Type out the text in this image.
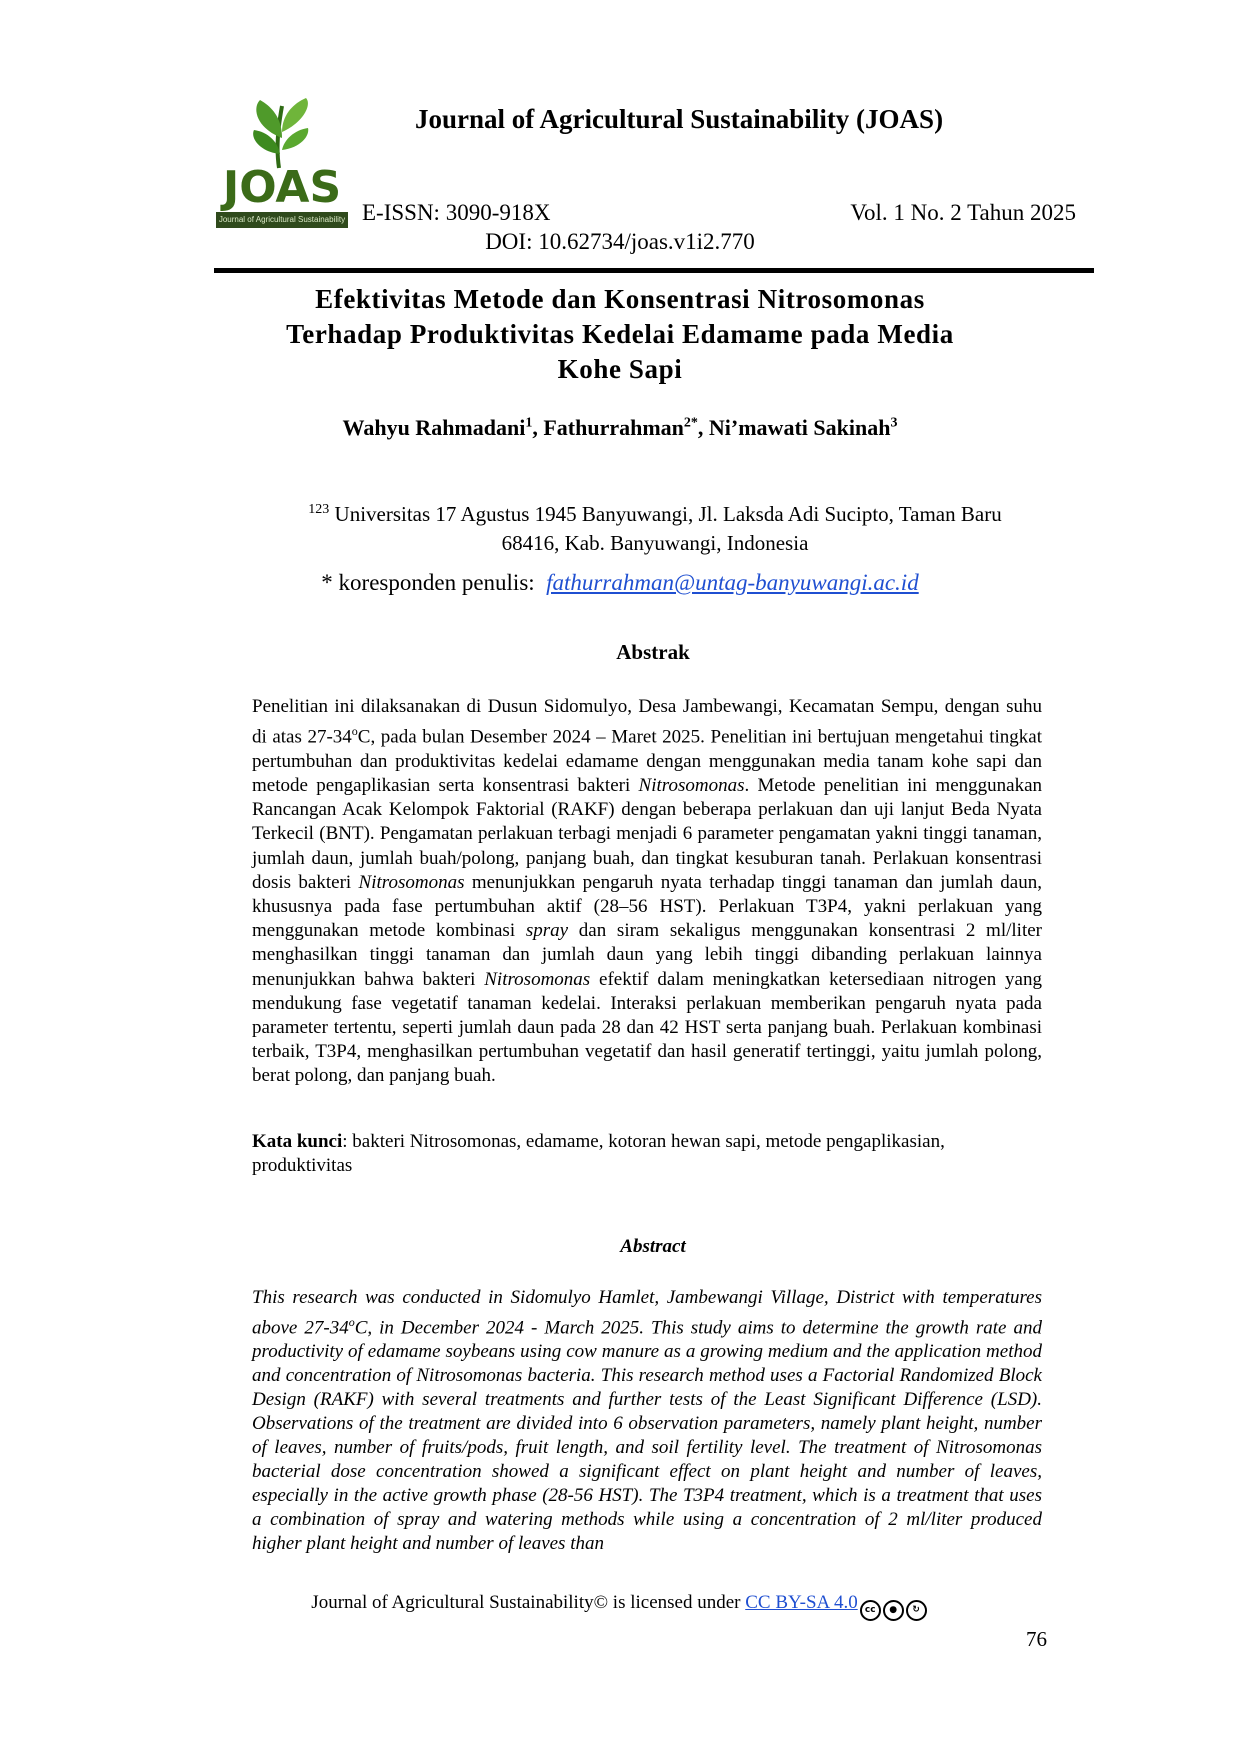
JOAS
Journal of Agricultural Sustainability
Journal of Agricultural Sustainability (JOAS)
E-ISSN: 3090-918X	Vol. 1 No. 2 Tahun 2025
DOI: 10.62734/joas.v1i2.770
Efektivitas Metode dan Konsentrasi Nitrosomonas
Terhadap Produktivitas Kedelai Edamame pada Media
Kohe Sapi
Wahyu Rahmadani$^1$, Fathurrahman$^{2*}$, Ni’mawati Sakinah$^3$
$^{123}$ Universitas 17 Agustus 1945 Banyuwangi, Jl. Laksda Adi Sucipto, Taman Baru
68416, Kab. Banyuwangi, Indonesia
* koresponden penulis: fathurrahman@untag-banyuwangi.ac.id
Abstrak
Penelitian ini dilaksanakan di Dusun Sidomulyo, Desa Jambewangi, Kecamatan Sempu, dengan suhu di atas 27-34$^o$C, pada bulan Desember 2024 – Maret 2025. Penelitian ini bertujuan mengetahui tingkat pertumbuhan dan produktivitas kedelai edamame dengan menggunakan media tanam kohe sapi dan metode pengaplikasian serta konsentrasi bakteri Nitrosomonas. Metode penelitian ini menggunakan Rancangan Acak Kelompok Faktorial (RAKF) dengan beberapa perlakuan dan uji lanjut Beda Nyata Terkecil (BNT). Pengamatan perlakuan terbagi menjadi 6 parameter pengamatan yakni tinggi tanaman, jumlah daun, jumlah buah/polong, panjang buah, dan tingkat kesuburan tanah. Perlakuan konsentrasi dosis bakteri Nitrosomonas menunjukkan pengaruh nyata terhadap tinggi tanaman dan jumlah daun, khususnya pada fase pertumbuhan aktif (28–56 HST). Perlakuan T3P4, yakni perlakuan yang menggunakan metode kombinasi spray dan siram sekaligus menggunakan konsentrasi 2 ml/liter menghasilkan tinggi tanaman dan jumlah daun yang lebih tinggi dibanding perlakuan lainnya menunjukkan bahwa bakteri Nitrosomonas efektif dalam meningkatkan ketersediaan nitrogen yang mendukung fase vegetatif tanaman kedelai. Interaksi perlakuan memberikan pengaruh nyata pada parameter tertentu, seperti jumlah daun pada 28 dan 42 HST serta panjang buah. Perlakuan kombinasi terbaik, T3P4, menghasilkan pertumbuhan vegetatif dan hasil generatif tertinggi, yaitu jumlah polong, berat polong, dan panjang buah.
Kata kunci: bakteri Nitrosomonas, edamame, kotoran hewan sapi, metode pengaplikasian, produktivitas
Abstract
This research was conducted in Sidomulyo Hamlet, Jambewangi Village, District with temperatures above 27-34$^o$C, in December 2024 - March 2025. This study aims to determine the growth rate and productivity of edamame soybeans using cow manure as a growing medium and the application method and concentration of Nitrosomonas bacteria. This research method uses a Factorial Randomized Block Design (RAKF) with several treatments and further tests of the Least Significant Difference (LSD). Observations of the treatment are divided into 6 observation parameters, namely plant height, number of leaves, number of fruits/pods, fruit length, and soil fertility level. The treatment of Nitrosomonas bacterial dose concentration showed a significant effect on plant height and number of leaves, especially in the active growth phase (28-56 HST). The T3P4 treatment, which is a treatment that uses a combination of spray and watering methods while using a concentration of 2 ml/liter produced higher plant height and number of leaves than
Journal of Agricultural Sustainability© is licensed under CC BY-SA 4.0 cc ● ↻
76
